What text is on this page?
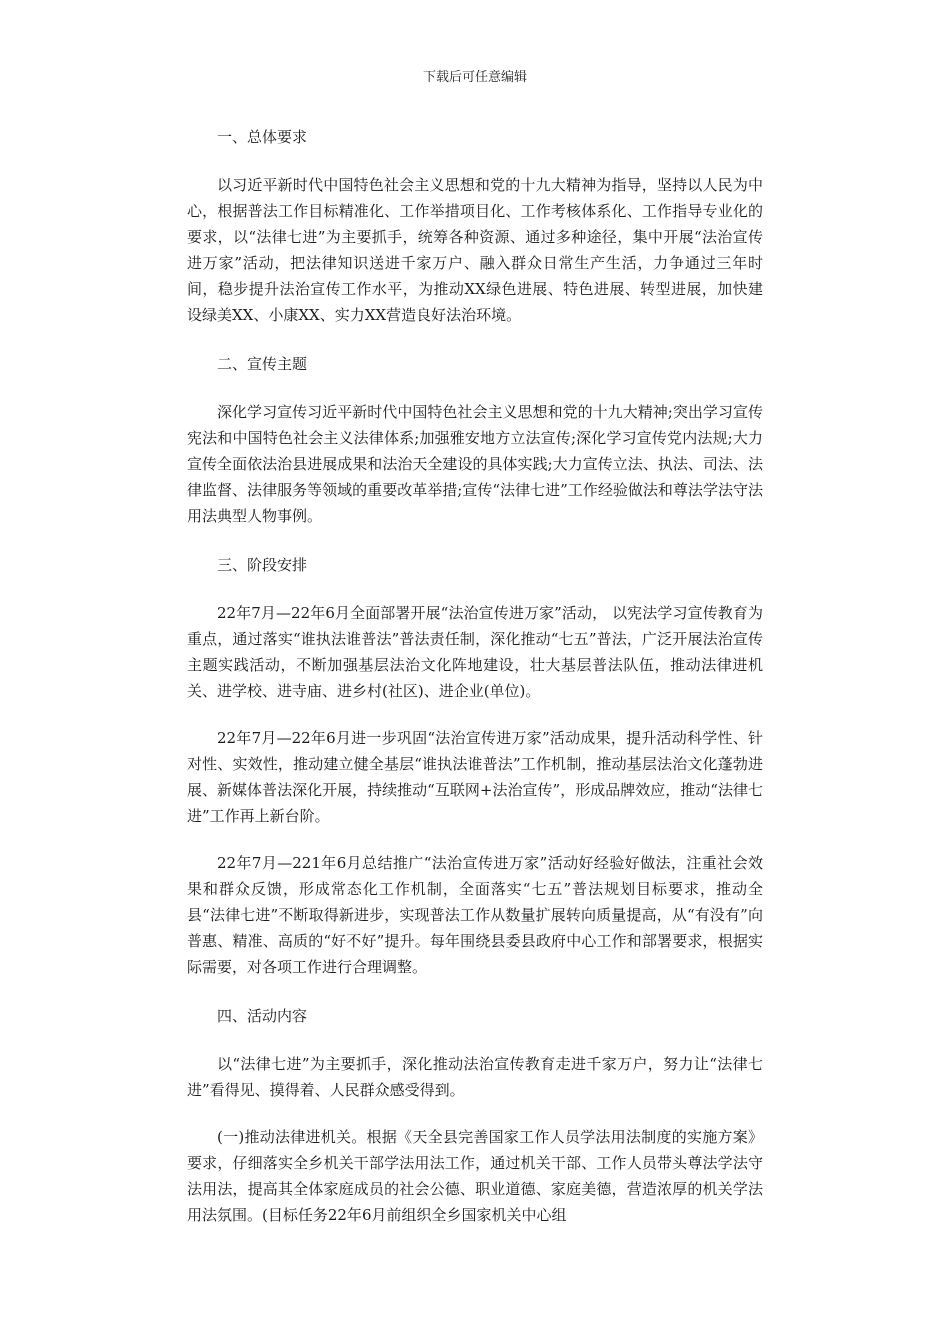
下载后可任意编辑
一、总体要求
以习近平新时代中国特色社会主义思想和党的十九大精神为指导，坚持以人民为中心，根据普法工作目标精准化、工作举措项目化、工作考核体系化、工作指导专业化的要求，以“法律七进”为主要抓手，统筹各种资源、通过多种途径，集中开展“法治宣传进万家”活动，把法律知识送进千家万户、融入群众日常生产生活，力争通过三年时间，稳步提升法治宣传工作水平，为推动XX绿色进展、特色进展、转型进展，加快建设绿美XX、小康XX、实力XX营造良好法治环境。
二、宣传主题
深化学习宣传习近平新时代中国特色社会主义思想和党的十九大精神;突出学习宣传宪法和中国特色社会主义法律体系;加强雅安地方立法宣传;深化学习宣传党内法规;大力宣传全面依法治县进展成果和法治天全建设的具体实践;大力宣传立法、执法、司法、法律监督、法律服务等领域的重要改革举措;宣传“法律七进”工作经验做法和尊法学法守法用法典型人物事例。
三、阶段安排
22年7月—22年6月全面部署开展“法治宣传进万家”活动， 以宪法学习宣传教育为重点，通过落实“谁执法谁普法”普法责任制，深化推动“七五”普法，广泛开展法治宣传主题实践活动，不断加强基层法治文化阵地建设，壮大基层普法队伍，推动法律进机关、进学校、进寺庙、进乡村(社区)、进企业(单位)。
22年7月—22年6月进一步巩固“法治宣传进万家”活动成果，提升活动科学性、针对性、实效性，推动建立健全基层“谁执法谁普法”工作机制，推动基层法治文化蓬勃进展、新媒体普法深化开展，持续推动“互联网+法治宣传”，形成品牌效应，推动“法律七进”工作再上新台阶。
22年7月—221年6月总结推广“法治宣传进万家”活动好经验好做法，注重社会效果和群众反馈，形成常态化工作机制，全面落实“七五”普法规划目标要求，推动全县“法律七进”不断取得新进步，实现普法工作从数量扩展转向质量提高，从“有没有”向普惠、精准、高质的“好不好”提升。每年围绕县委县政府中心工作和部署要求，根据实际需要，对各项工作进行合理调整。
四、活动内容
以“法律七进”为主要抓手，深化推动法治宣传教育走进千家万户，努力让“法律七进”看得见、摸得着、人民群众感受得到。
(一)推动法律进机关。根据《天全县完善国家工作人员学法用法制度的实施方案》要求，仔细落实全乡机关干部学法用法工作，通过机关干部、工作人员带头尊法学法守法用法，提高其全体家庭成员的社会公德、职业道德、家庭美德，营造浓厚的机关学法用法氛围。(目标任务22年6月前组织全乡国家机关中心组
